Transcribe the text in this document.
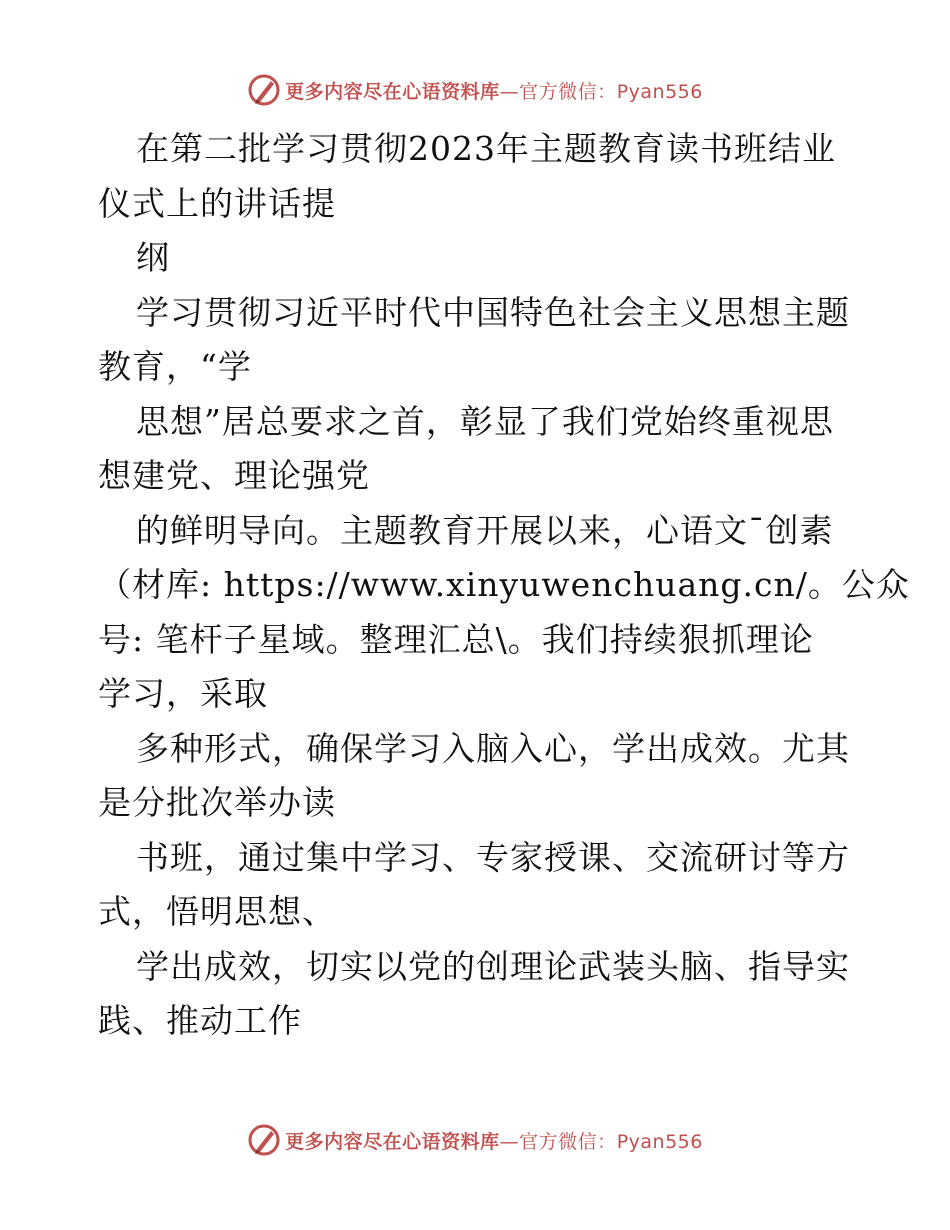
更多内容尽在心语资料库—官方微信：Pyan556
在第二批学习贯彻2023年主题教育读书班结业
仪式上的讲话提
纲
学习贯彻习近平时代中国特色社会主义思想主题
教育，“学
思想”居总要求之首，彰显了我们党始终重视思
想建党、理论强党
的鲜明导向。主题教育开展以来，心语文¯创素
（材库: https://www.xinyuwenchuang.cn/。公众
号: 笔杆子星域。整理汇总\。我们持续狠抓理论
学习，采取
多种形式，确保学习入脑入心，学出成效。尤其
是分批次举办读
书班，通过集中学习、专家授课、交流研讨等方
式，悟明思想、
学出成效，切实以党的创理论武装头脑、指导实
践、推动工作
更多内容尽在心语资料库—官方微信：Pyan556
